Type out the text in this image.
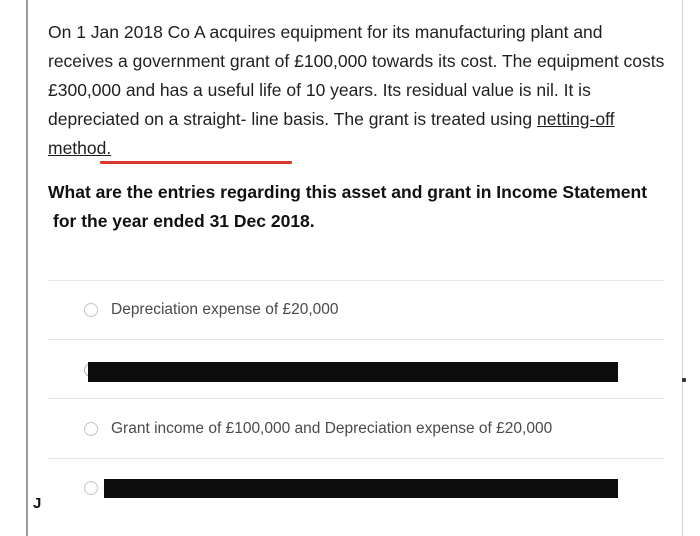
On 1 Jan 2018 Co A acquires equipment for its manufacturing plant and receives a government grant of £100,000 towards its cost. The equipment costs £300,000 and has a useful life of 10 years. Its residual value is nil. It is depreciated on a straight- line basis. The grant is treated using netting-off method.

What are the entries regarding this asset and grant in Income Statement
for the year ended 31 Dec 2018.

Depreciation expense of £20,000
Grant income of £100,000 and Depreciation expense of £20,000
J
